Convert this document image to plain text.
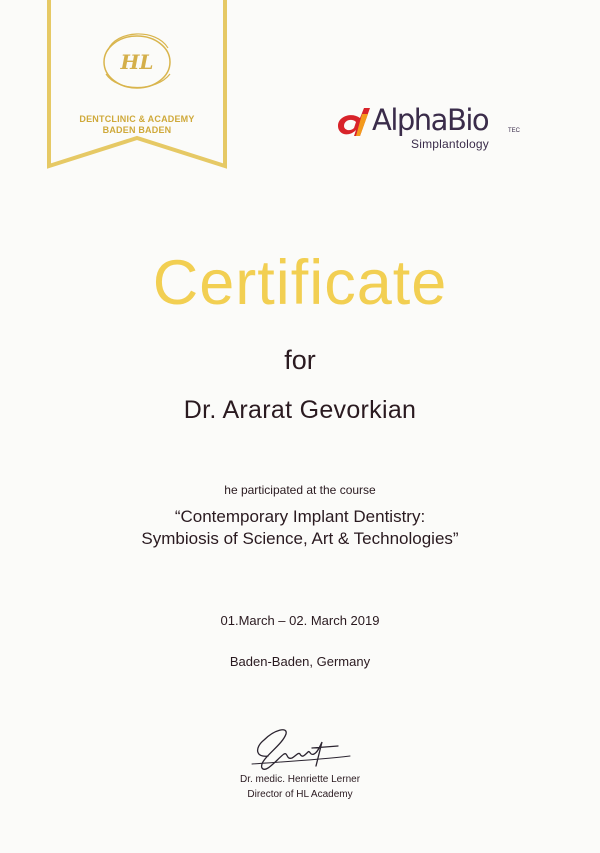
HL
DENTCLINIC & ACADEMY
BADEN BADEN	AlphaBio	TEC
Simplantology
Certificate
for
Dr. Ararat Gevorkian
he participated at the course
“Contemporary Implant Dentistry:
Symbiosis of Science, Art & Technologies”
01.March – 02. March 2019
Baden-Baden, Germany
Dr. medic. Henriette Lerner
Director of HL Academy
